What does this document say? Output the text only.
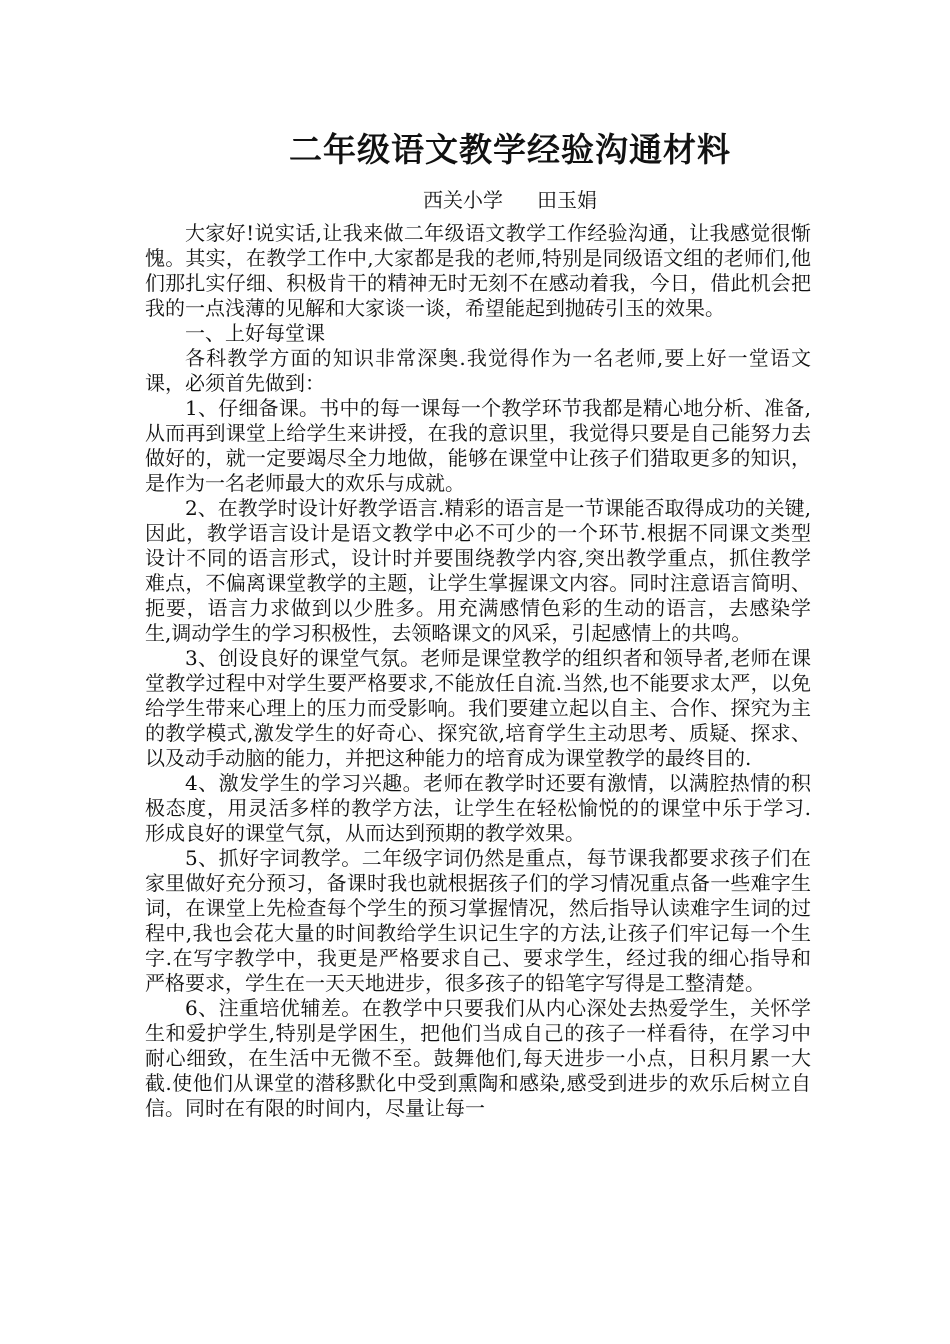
二年级语文教学经验沟通材料
西关小学 田玉娟

大家好!说实话,让我来做二年级语文教学工作经验沟通，让我感觉很惭愧。其实，在教学工作中,大家都是我的老师,特别是同级语文组的老师们,他们那扎实仔细、积极肯干的精神无时无刻不在感动着我，今日，借此机会把我的一点浅薄的见解和大家谈一谈，希望能起到抛砖引玉的效果。

一、上好每堂课

各科教学方面的知识非常深奥.我觉得作为一名老师,要上好一堂语文课，必须首先做到：

1、仔细备课。书中的每一课每一个教学环节我都是精心地分析、准备,从而再到课堂上给学生来讲授，在我的意识里，我觉得只要是自己能努力去做好的，就一定要竭尽全力地做，能够在课堂中让孩子们猎取更多的知识，是作为一名老师最大的欢乐与成就。

2、在教学时设计好教学语言.精彩的语言是一节课能否取得成功的关键,因此，教学语言设计是语文教学中必不可少的一个环节.根据不同课文类型设计不同的语言形式，设计时并要围绕教学内容,突出教学重点，抓住教学难点，不偏离课堂教学的主题，让学生掌握课文内容。同时注意语言简明、扼要，语言力求做到以少胜多。用充满感情色彩的生动的语言，去感染学生,调动学生的学习积极性，去领略课文的风采，引起感情上的共鸣。

3、创设良好的课堂气氛。老师是课堂教学的组织者和领导者,老师在课堂教学过程中对学生要严格要求,不能放任自流.当然,也不能要求太严，以免给学生带来心理上的压力而受影响。我们要建立起以自主、合作、探究为主的教学模式,激发学生的好奇心、探究欲,培育学生主动思考、质疑、探求、以及动手动脑的能力，并把这种能力的培育成为课堂教学的最终目的.

4、激发学生的学习兴趣。老师在教学时还要有激情，以满腔热情的积极态度，用灵活多样的教学方法，让学生在轻松愉悦的的课堂中乐于学习.形成良好的课堂气氛，从而达到预期的教学效果。

5、抓好字词教学。二年级字词仍然是重点，每节课我都要求孩子们在家里做好充分预习，备课时我也就根据孩子们的学习情况重点备一些难字生词，在课堂上先检查每个学生的预习掌握情况，然后指导认读难字生词的过程中,我也会花大量的时间教给学生识记生字的方法,让孩子们牢记每一个生字.在写字教学中，我更是严格要求自己、要求学生，经过我的细心指导和严格要求，学生在一天天地进步，很多孩子的铅笔字写得是工整清楚。

6、注重培优辅差。在教学中只要我们从内心深处去热爱学生，关怀学生和爱护学生,特别是学困生，把他们当成自己的孩子一样看待，在学习中耐心细致，在生活中无微不至。鼓舞他们,每天进步一小点，日积月累一大截.使他们从课堂的潜移默化中受到熏陶和感染,感受到进步的欢乐后树立自信。同时在有限的时间内，尽量让每一
